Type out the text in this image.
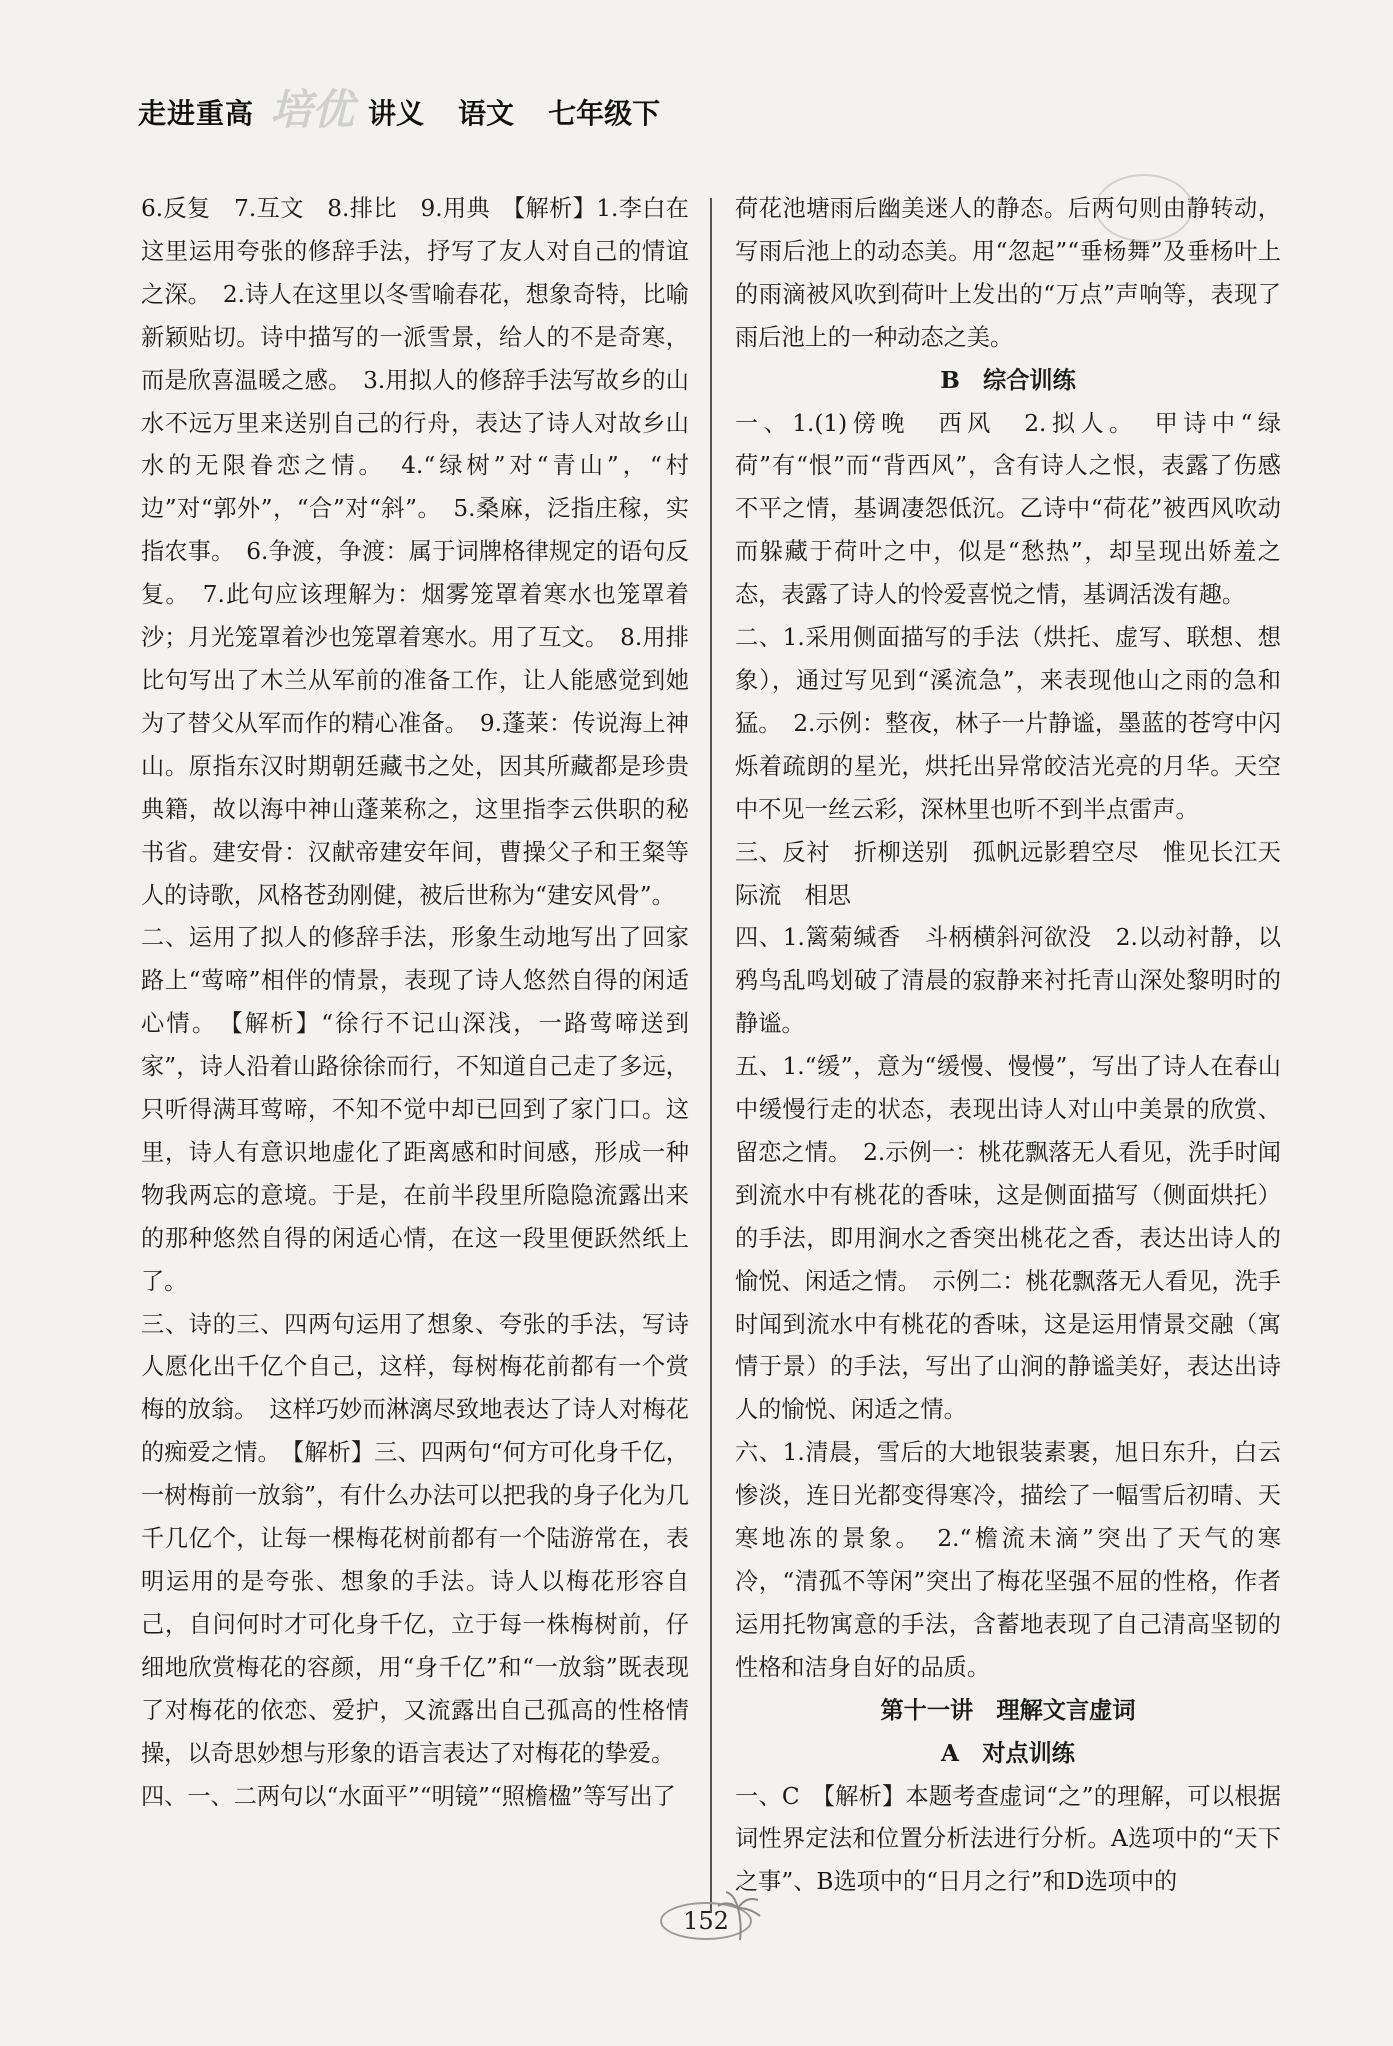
走进重高 培优 讲义 语文 七年级下

6.反复　7.互文　8.排比　9.用典　【解析】1.李白在这里运用夸张的修辞手法，抒写了友人对自己的情谊之深。　2.诗人在这里以冬雪喻春花，想象奇特，比喻新颖贴切。诗中描写的一派雪景，给人的不是奇寒，而是欣喜温暖之感。　3.用拟人的修辞手法写故乡的山水不远万里来送别自己的行舟，表达了诗人对故乡山水的无限眷恋之情。　4.“绿树”对“青山”，“村边”对“郭外”，“合”对“斜”。　5.桑麻，泛指庄稼，实指农事。　6.争渡，争渡：属于词牌格律规定的语句反复。　7.此句应该理解为：烟雾笼罩着寒水也笼罩着沙；月光笼罩着沙也笼罩着寒水。用了互文。　8.用排比句写出了木兰从军前的准备工作，让人能感觉到她为了替父从军而作的精心准备。　9.蓬莱：传说海上神山。原指东汉时期朝廷藏书之处，因其所藏都是珍贵典籍，故以海中神山蓬莱称之，这里指李云供职的秘书省。建安骨：汉献帝建安年间，曹操父子和王粲等人的诗歌，风格苍劲刚健，被后世称为“建安风骨”。

二、运用了拟人的修辞手法，形象生动地写出了回家路上“莺啼”相伴的情景，表现了诗人悠然自得的闲适心情。　【解析】“徐行不记山深浅，一路莺啼送到家”，诗人沿着山路徐徐而行，不知道自己走了多远，只听得满耳莺啼，不知不觉中却已回到了家门口。这里，诗人有意识地虚化了距离感和时间感，形成一种物我两忘的意境。于是，在前半段里所隐隐流露出来的那种悠然自得的闲适心情，在这一段里便跃然纸上了。

三、诗的三、四两句运用了想象、夸张的手法，写诗人愿化出千亿个自己，这样，每树梅花前都有一个赏梅的放翁。　这样巧妙而淋漓尽致地表达了诗人对梅花的痴爱之情。　【解析】三、四两句“何方可化身千亿，一树梅前一放翁”，有什么办法可以把我的身子化为几千几亿个，让每一棵梅花树前都有一个陆游常在，表明运用的是夸张、想象的手法。诗人以梅花形容自己，自问何时才可化身千亿，立于每一株梅树前，仔细地欣赏梅花的容颜，用“身千亿”和“一放翁”既表现了对梅花的依恋、爱护，又流露出自己孤高的性格情操，以奇思妙想与形象的语言表达了对梅花的挚爱。

四、一、二两句以“水面平”“明镜”“照檐楹”等写出了

荷花池塘雨后幽美迷人的静态。后两句则由静转动，写雨后池上的动态美。用“忽起”“垂杨舞”及垂杨叶上的雨滴被风吹到荷叶上发出的“万点”声响等，表现了雨后池上的一种动态之美。

B　综合训练

一、1.(1)傍晚　西风　2.拟人。　甲诗中“绿荷”有“恨”而“背西风”，含有诗人之恨，表露了伤感不平之情，基调凄怨低沉。乙诗中“荷花”被西风吹动而躲藏于荷叶之中，似是“愁热”，却呈现出娇羞之态，表露了诗人的怜爱喜悦之情，基调活泼有趣。

二、1.采用侧面描写的手法（烘托、虚写、联想、想象），通过写见到“溪流急”，来表现他山之雨的急和猛。　2.示例：整夜，林子一片静谧，墨蓝的苍穹中闪烁着疏朗的星光，烘托出异常皎洁光亮的月华。天空中不见一丝云彩，深林里也听不到半点雷声。

三、反衬　折柳送别　孤帆远影碧空尽　惟见长江天际流　相思

四、1.篱菊缄香　斗柄横斜河欲没　2.以动衬静，以鸦鸟乱鸣划破了清晨的寂静来衬托青山深处黎明时的静谧。

五、1.“缓”，意为“缓慢、慢慢”，写出了诗人在春山中缓慢行走的状态，表现出诗人对山中美景的欣赏、留恋之情。　2.示例一：桃花飘落无人看见，洗手时闻到流水中有桃花的香味，这是侧面描写（侧面烘托）的手法，即用涧水之香突出桃花之香，表达出诗人的愉悦、闲适之情。　示例二：桃花飘落无人看见，洗手时闻到流水中有桃花的香味，这是运用情景交融（寓情于景）的手法，写出了山涧的静谧美好，表达出诗人的愉悦、闲适之情。

六、1.清晨，雪后的大地银装素裹，旭日东升，白云惨淡，连日光都变得寒冷，描绘了一幅雪后初晴、天寒地冻的景象。　2.“檐流未滴”突出了天气的寒冷，“清孤不等闲”突出了梅花坚强不屈的性格，作者运用托物寓意的手法，含蓄地表现了自己清高坚韧的性格和洁身自好的品质。

第十一讲　理解文言虚词

A　对点训练

一、C　【解析】本题考查虚词“之”的理解，可以根据词性界定法和位置分析法进行分析。A选项中的“天下之事”、B选项中的“日月之行”和D选项中的

152
